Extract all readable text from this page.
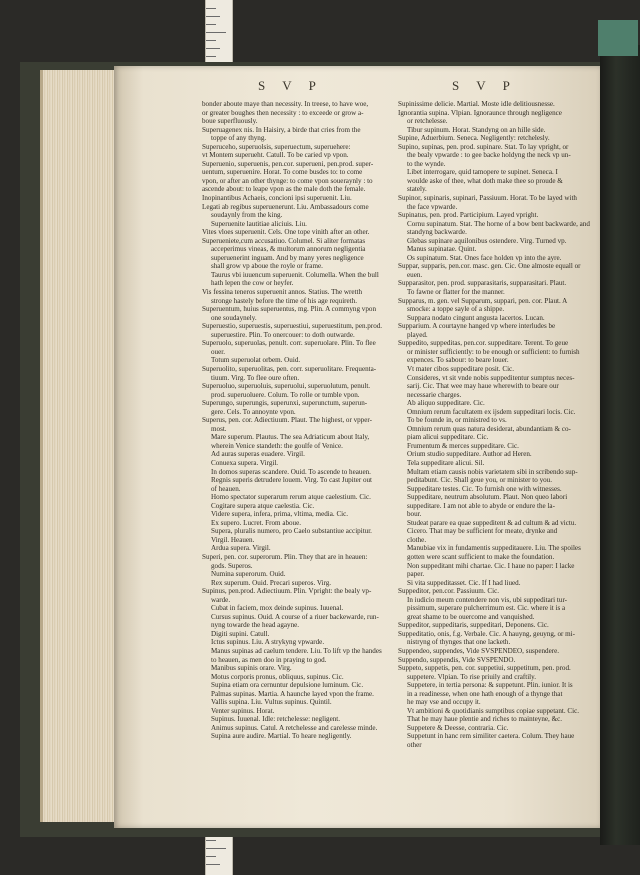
S V P	S V P
bonder aboute maye than necessity. In treese, to have woe,
or greater boughes then necessity : to exceede or grow a-
boue superfluously.
Superuagenex nis. In Haisiry, a birde that cries from the
toppe of any thyng.
Superuceho, superuolsis, superuectum, superuehere:
vt Montem superueht. Catull. To be caried vp vpon.
Superuenio, superuenis, pen.cor. superueni, pen.prod. super-
uentum, superuenire. Horat. To come busdes to: to come
vpon, or after an other thynge: to come vpon soueraynly : to
ascende about: to leape vpon as the male doth the female.
Inopinantibus Achaeis, concioni ipsi superuenit. Liu.
Legati ab regibus superuenerunt. Liu. Ambassadours come
soudaynly from the king.
Superuenite lautitiae aliciuis. Liu.
Vites vloes superuenit. Cels. One tope vinith after an other.
Superueniete,cum accusatiuo. Columel. Si aliter formatas
acceperimus vineas, & multorum annorum negligentia
superuenerint inguam. And by many yeres negligence
shall grow vp aboue the royle or frame.
Taurus vbi iuuencum superuenit. Columella. When the bull
hath lepen the cow or heyfer.
Vis fessina teneros superuenit annos. Statius. The wretth
stronge hastely before the time of his age requireth.
Superuentum, huius superuentus, mg. Plin. A commyng vpon
one soudaynely.
Superuestio, superuestis, superuestiui, superuestitum, pen.prod.
superuestire. Plin. To onercouer: to doth outwarde.
Superuolo, superuolas, penult. corr. superuolare. Plin. To flee
ouer.
Totum superuolat orbem. Ouid.
Superuolito, superuolitas, pen. corr. superuolitare. Frequenta-
tiuum. Virg. To flee oure often.
Superuoluo, superuoluis, superuolui, superuolutum, penult.
prod. superuoluere. Colum. To rolle or tumble vpon.
Superungo, superungis, superunxi, superunctum, superun-
gere. Cels. To annoynte vpon.
Superus, pen. cor. Adiectiuum. Plaut. The highest, or vpper-
most.
Mare superum. Plautus. The sea Adriaticum about Italy,
wherein Venice standeth: the goulfe of Venice.
Ad auras superas euadere. Virgil.
Conuexa supera. Virgil.
In domos superas scandere. Ouid. To ascende to heauen.
Regnis superis detrudere louem. Virg. To cast Jupiter out
of heauen.
Homo spectator superarum rerum atque caelestium. Cic.
Cogitare supera atque caelestia. Cic.
Videre supera, infera, prima, vltima, media. Cic.
Ex supero. Lucret. From aboue.
Supera, pluralis numero, pro Caelo substantiue accipitur.
Virgil. Heauen.
Ardua supera. Virgil.
Superi, pen. cor. superorum. Plin. They that are in heauen:
gods. Superos.
Numina superorum. Ouid.
Rex superum. Ouid. Precari superos. Virg.
Supinus, pen.prod. Adiectiuum. Plin. Vpright: the bealy vp-
warde.
Cubat in faciem, mox deinde supinus. Iuuenal.
Cursus supinus. Ouid. A course of a riuer backewarde, run-
nyng towarde the head agayne.
Digiti supini. Catull.
Ictus supinus. Liu. A strykyng vpwarde.
Manus supinas ad caelum tendere. Liu. To lift vp the handes
to heauen, as men doo in praying to god.
Manibus supinis orare. Virg.
Motus corporis pronus, obliquus, supinus. Cic.
Supina etiam ora cernuntur depulsione luminum. Cic.
Palmas supinas. Martia. A haunche layed vpon the frame.
Vallis supina. Liu. Vultus supinus. Quintil.
Venter supinus. Horat.
Supinus. Iuuenal. Idle: retchelesse: negligent.
Animus supinus. Catul. A retchelesse and carelesse minde.
Supina aure audire. Martial. To heare negligently.
Supinissime delicie. Martial. Moste idle delitiousnesse.
Ignorantia supina. Vlpian. Ignoraunce through negligence
or retchelesse.
Tibur supinum. Horat. Standyng on an hille side.
Supine, Aduerbium. Seneca. Negligently: retchelesly.
Supino, supinas, pen. prod. supinare. Stat. To lay vpright, or
the bealy vpwarde : to gee backe holdyng the neck vp un-
to the wynde.
Libet interrogare, quid tamopere te supinet. Seneca. I
woulde aske of thee, what doth make thee so proude &
stately.
Supinor, supinaris, supinari, Passiuum. Horat. To be layed with
the face vpwarde.
Supinatus, pen. prod. Participium. Layed vpright.
Cornu supinatum. Stat. The horne of a bow bent backwarde, and
standyng backwarde.
Glebas supinare aquilonibus ostendere. Virg. Turned vp.
Manus supinatae. Quint.
Os supinatum. Stat. Ones face holden vp into the ayre.
Suppar, supparis, pen.cor. masc. gen. Cic. One almoste equall or
euen.
Supparasitor, pen. prod. supparasitaris, supparasitari. Plaut.
To fawne or flatter for the manner.
Supparus, m. gen. vel Supparum, suppari, pen. cor. Plaut. A
smocke: a toppe sayle of a shippe.
Suppara nodato cingunt angusta lacertos. Lucan.
Supparium. A courtayne hanged vp where interludes be
played.
Suppedito, suppeditas, pen.cor. suppeditare. Terent. To geue
or minister sufficiently: to be enough or sufficient: to furnish
expences. To sabour: to beare louer.
Vt mater cibos suppeditare posit. Cic.
Consideres, vt sit vnde nobis suppeditentur sumptus neces-
sarij. Cic. That wee may haue wherewith to beare our
necessarie charges.
Ab aliquo suppeditare. Cic.
Omnium rerum facultatem ex ijsdem suppeditari locis. Cic.
To be founde in, or ministred to vs.
Omnium rerum quas natura desiderat, abundantiam & co-
piam alicui suppeditare. Cic.
Frumentum & merces suppeditare. Cic.
Orium studio suppeditare. Author ad Heren.
Tela suppeditare alicui. Sil.
Multam etiam causis nobis varietatem sibi in scribendo sup-
peditabunt. Cic. Shall geue you, or minister to you.
Suppeditare testes. Cic. To furnish one with witnesses.
Suppeditare, neutrum absolutum. Plaut. Non queo labori
suppeditare. I am not able to abyde or endure the la-
bour.
Studeat parare ea quae suppeditent & ad cultum & ad victu.
Cicero. That may be sufficient for meate, drynke and
clothe.
Manubiae vix in fundamentis suppeditauere. Liu. The spoiles
gotten were scant sufficient to make the foundation.
Non suppeditant mihi chartae. Cic. I haue no paper: I lacke
paper.
Si vita suppeditasset. Cic. If I had liued.
Suppeditor, pen.cor. Passiuum. Cic.
In iudicio meum contendere non vis, ubi suppeditari tur-
pissimum, superare pulcherrimum est. Cic. where it is a
great shame to be ouercome and vanquished.
Suppeditor, suppeditaris, suppeditari, Deponens. Cic.
Suppeditatio, onis, f.g. Verbale. Cic. A hauyng, geuyng, or mi-
nistryng of thynges that one lacketh.
Suppendeo, suppendes, Vide SVSPENDEO, suspendere.
Suppendo, suppendis, Vide SVSPENDO.
Suppeto, suppetis, pen. cor. suppetiui, suppetitum, pen. prod.
suppetere. Vlpian. To rise priuily and craftily.
Suppetere, in tertia persona: & suppetunt. Plin. iunior. It is
in a readinesse, when one hath enough of a thynge that
he may vse and occupy it.
Vt ambitioni & quotidianis sumptibus copiae suppetant. Cic.
That he may haue plentie and riches to mainteyne, &c.
Suppetere & Deesse, contraria. Cic.
Suppetunt in hanc rem similiter caetera. Colum. They haue
other
